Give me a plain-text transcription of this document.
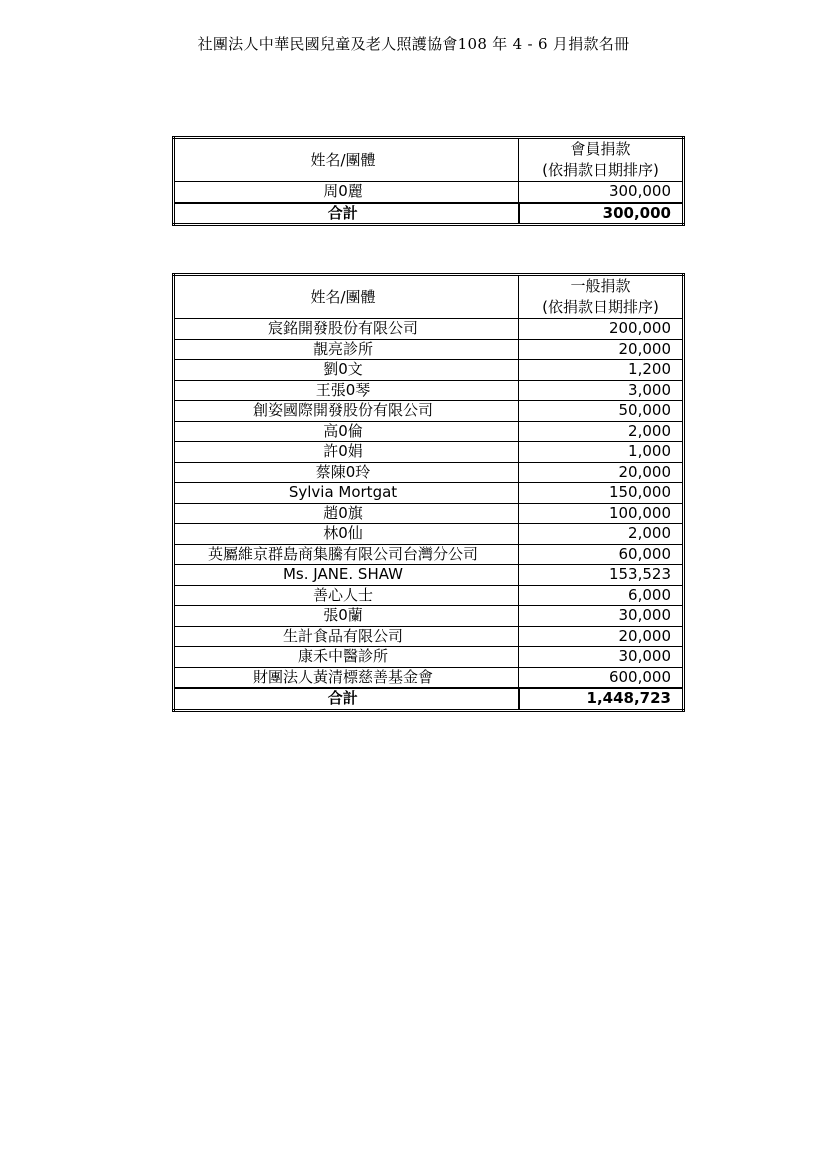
社團法人中華民國兒童及老人照護協會108 年 4 - 6 月捐款名冊
姓名/團體	會員捐款
(依捐款日期排序)
周0麗	300,000
合計	300,000
姓名/團體	一般捐款
(依捐款日期排序)
宸銘開發股份有限公司	200,000
靚亮診所	20,000
劉0文	1,200
王張0琴	3,000
創姿國際開發股份有限公司	50,000
高0倫	2,000
許0娟	1,000
蔡陳0玲	20,000
Sylvia Mortgat	150,000
趙0旗	100,000
林0仙	2,000
英屬維京群島商集騰有限公司台灣分公司	60,000
Ms. JANE. SHAW	153,523
善心人士	6,000
張0蘭	30,000
生計食品有限公司	20,000
康禾中醫診所	30,000
財團法人黃清標慈善基金會	600,000
合計	1,448,723
